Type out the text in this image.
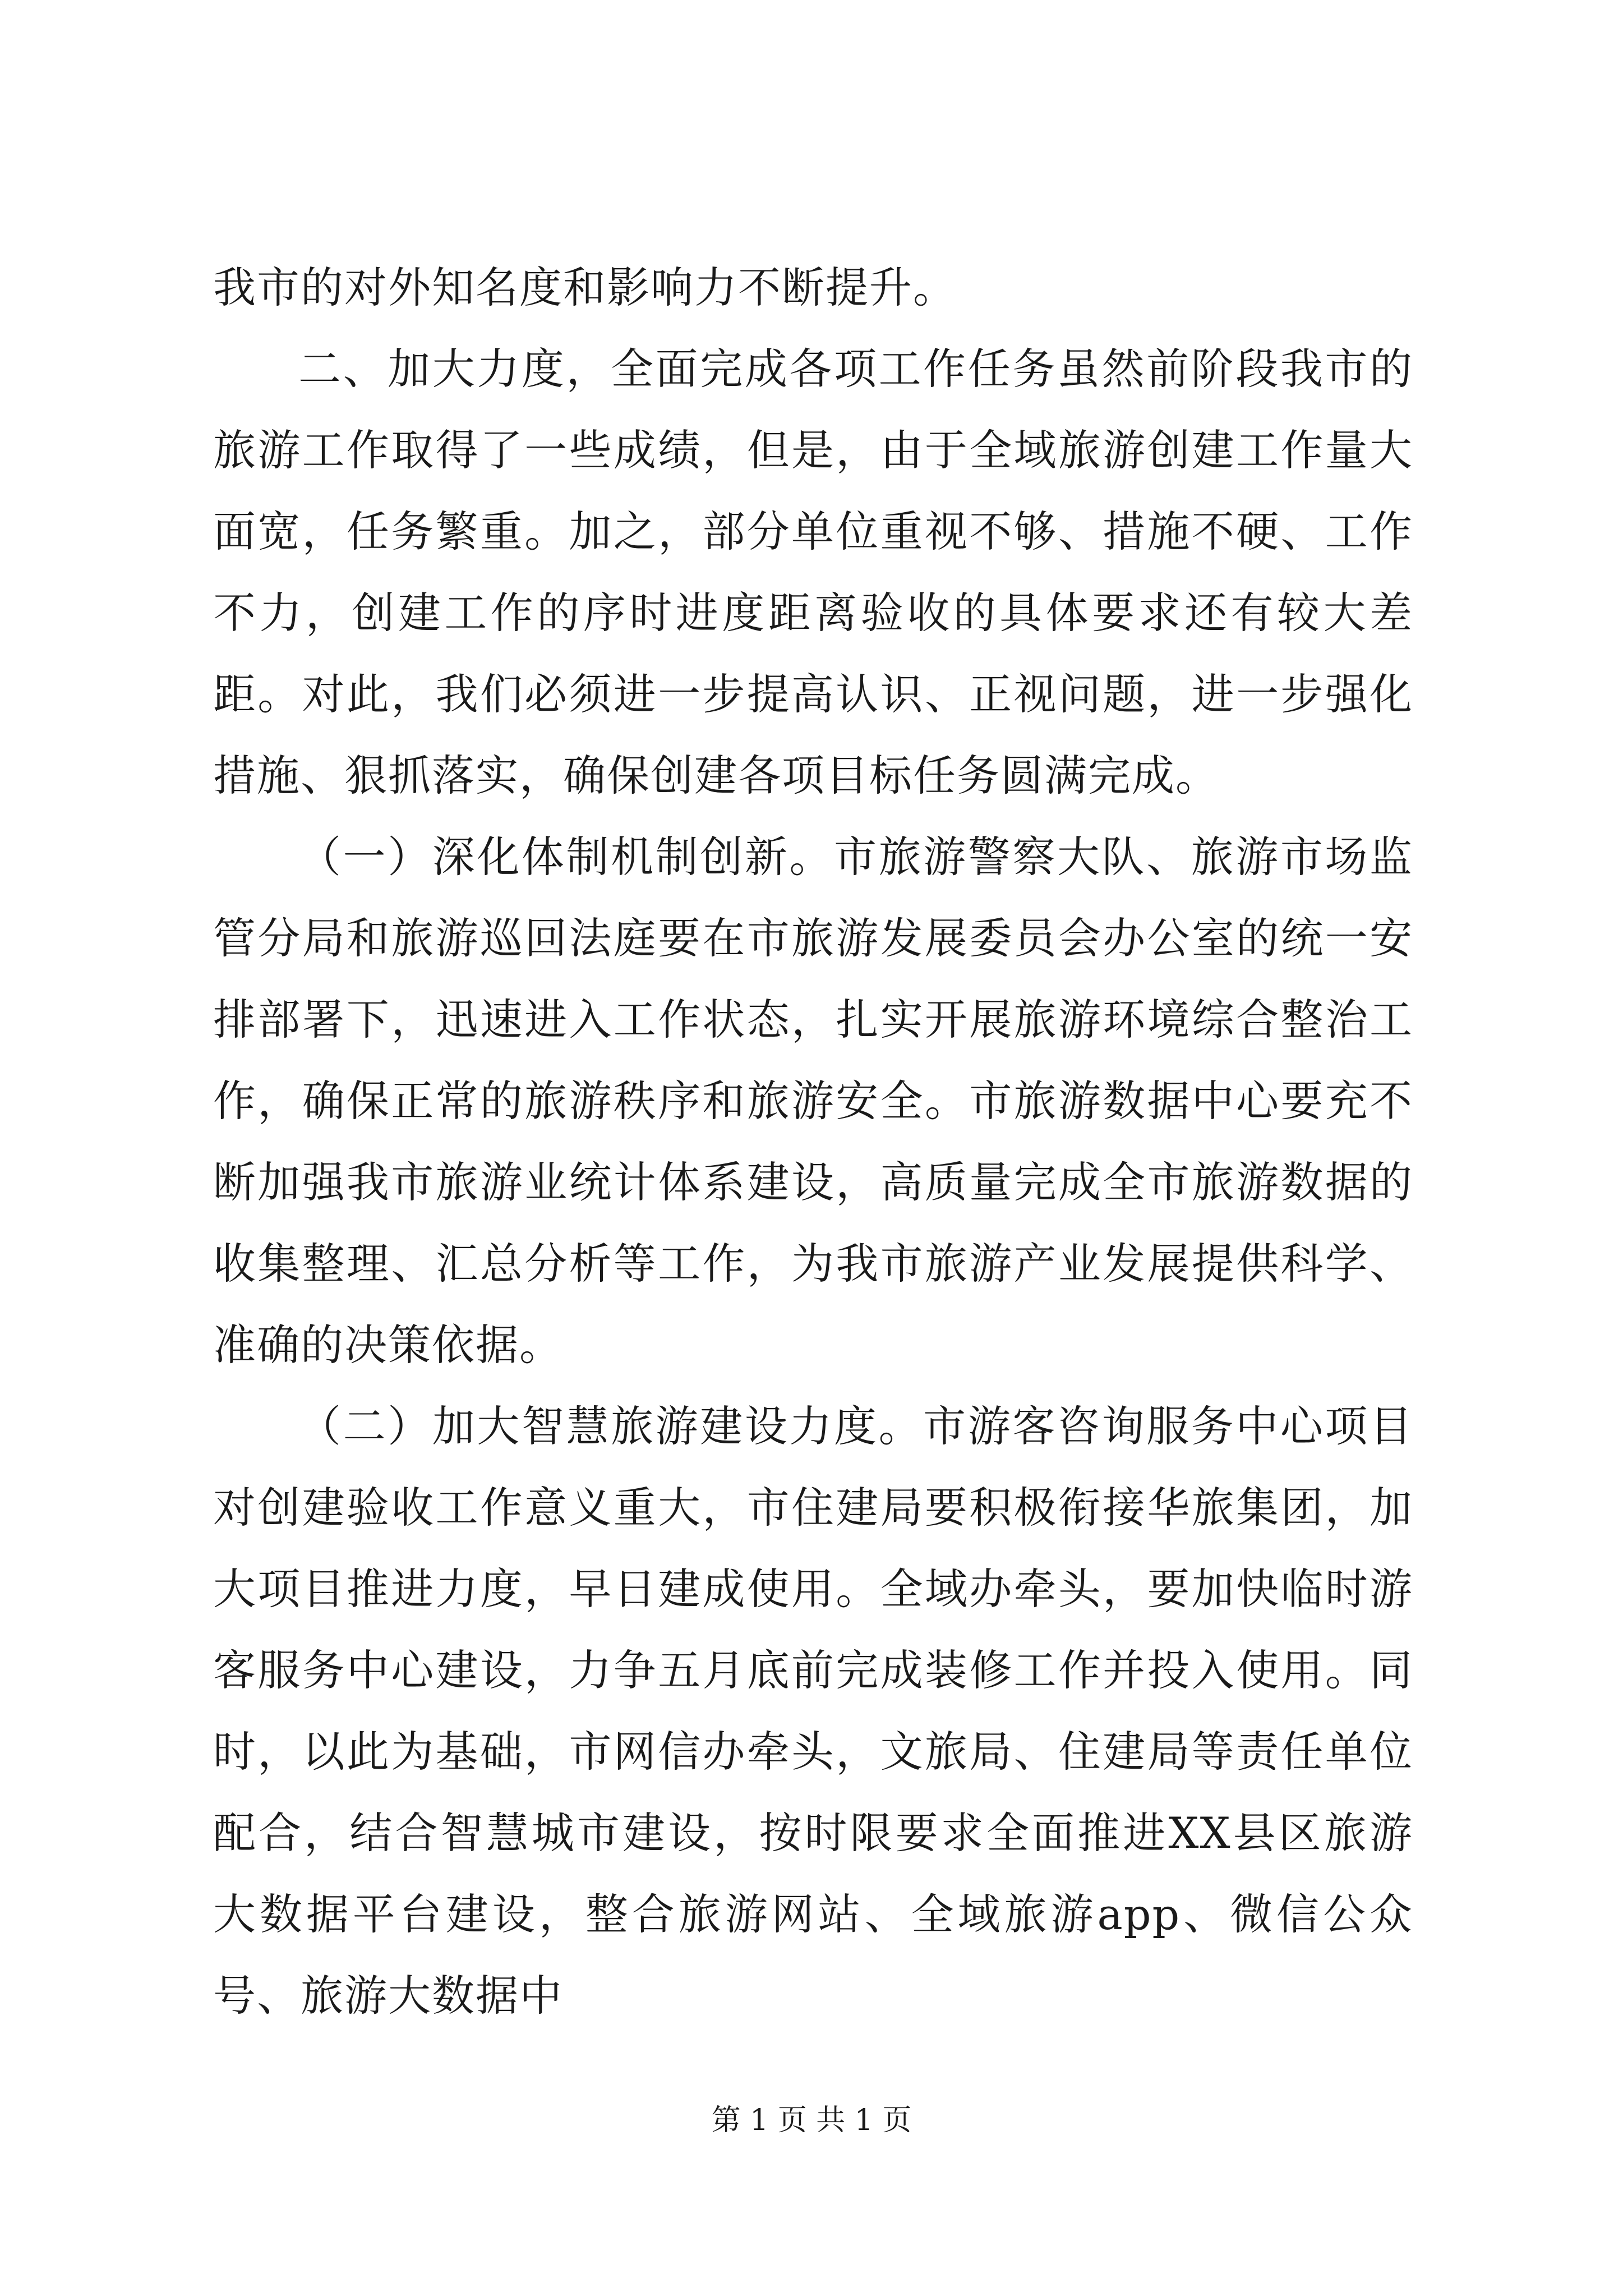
我市的对外知名度和影响力不断提升。

二、加大力度，全面完成各项工作任务虽然前阶段我市的旅游工作取得了一些成绩，但是，由于全域旅游创建工作量大面宽，任务繁重。加之，部分单位重视不够、措施不硬、工作不力，创建工作的序时进度距离验收的具体要求还有较大差距。对此，我们必须进一步提高认识、正视问题，进一步强化措施、狠抓落实，确保创建各项目标任务圆满完成。

（一）深化体制机制创新。市旅游警察大队、旅游市场监管分局和旅游巡回法庭要在市旅游发展委员会办公室的统一安排部署下，迅速进入工作状态，扎实开展旅游环境综合整治工作，确保正常的旅游秩序和旅游安全。市旅游数据中心要充不断加强我市旅游业统计体系建设，高质量完成全市旅游数据的收集整理、汇总分析等工作，为我市旅游产业发展提供科学、准确的决策依据。

（二）加大智慧旅游建设力度。市游客咨询服务中心项目对创建验收工作意义重大，市住建局要积极衔接华旅集团，加大项目推进力度，早日建成使用。全域办牵头，要加快临时游客服务中心建设，力争五月底前完成装修工作并投入使用。同时，以此为基础，市网信办牵头，文旅局、住建局等责任单位配合，结合智慧城市建设，按时限要求全面推进XX县区旅游大数据平台建设，整合旅游网站、全域旅游app、微信公众号、旅游大数据中

第 1 页 共 1 页
